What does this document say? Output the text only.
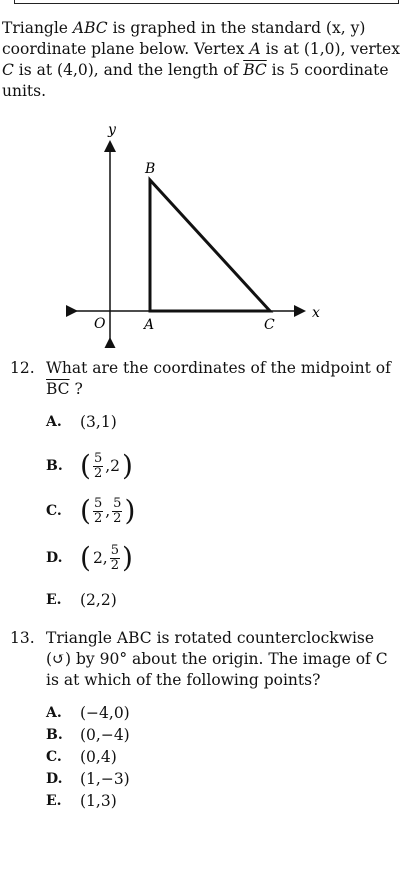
Triangle ABC is graphed in the standard (x, y) coordinate plane below. Vertex A is at (1,0), vertex C is at (4,0), and the length of $\overline{BC}$ is 5 coordinate units.

y
x
O	A
B
C
12. What are the coordinates of the midpoint of
$\overline{BC}$ ?
A.	(3,1)
B. ( $\frac{5}{2} ,2$ )
C. ( $\frac{5}{2}$ , $\frac{5}{2}$ )
D. ( 2, $\frac{5}{2}$ )
E.	(2,2)
13. Triangle ABC is rotated counterclockwise (↺) by 90° about the origin. The image of C is at which of the following points?
A.	(−4,0)
B.	(0,−4)
C.	(0,4)
D.	(1,−3)
E.	(1,3)
